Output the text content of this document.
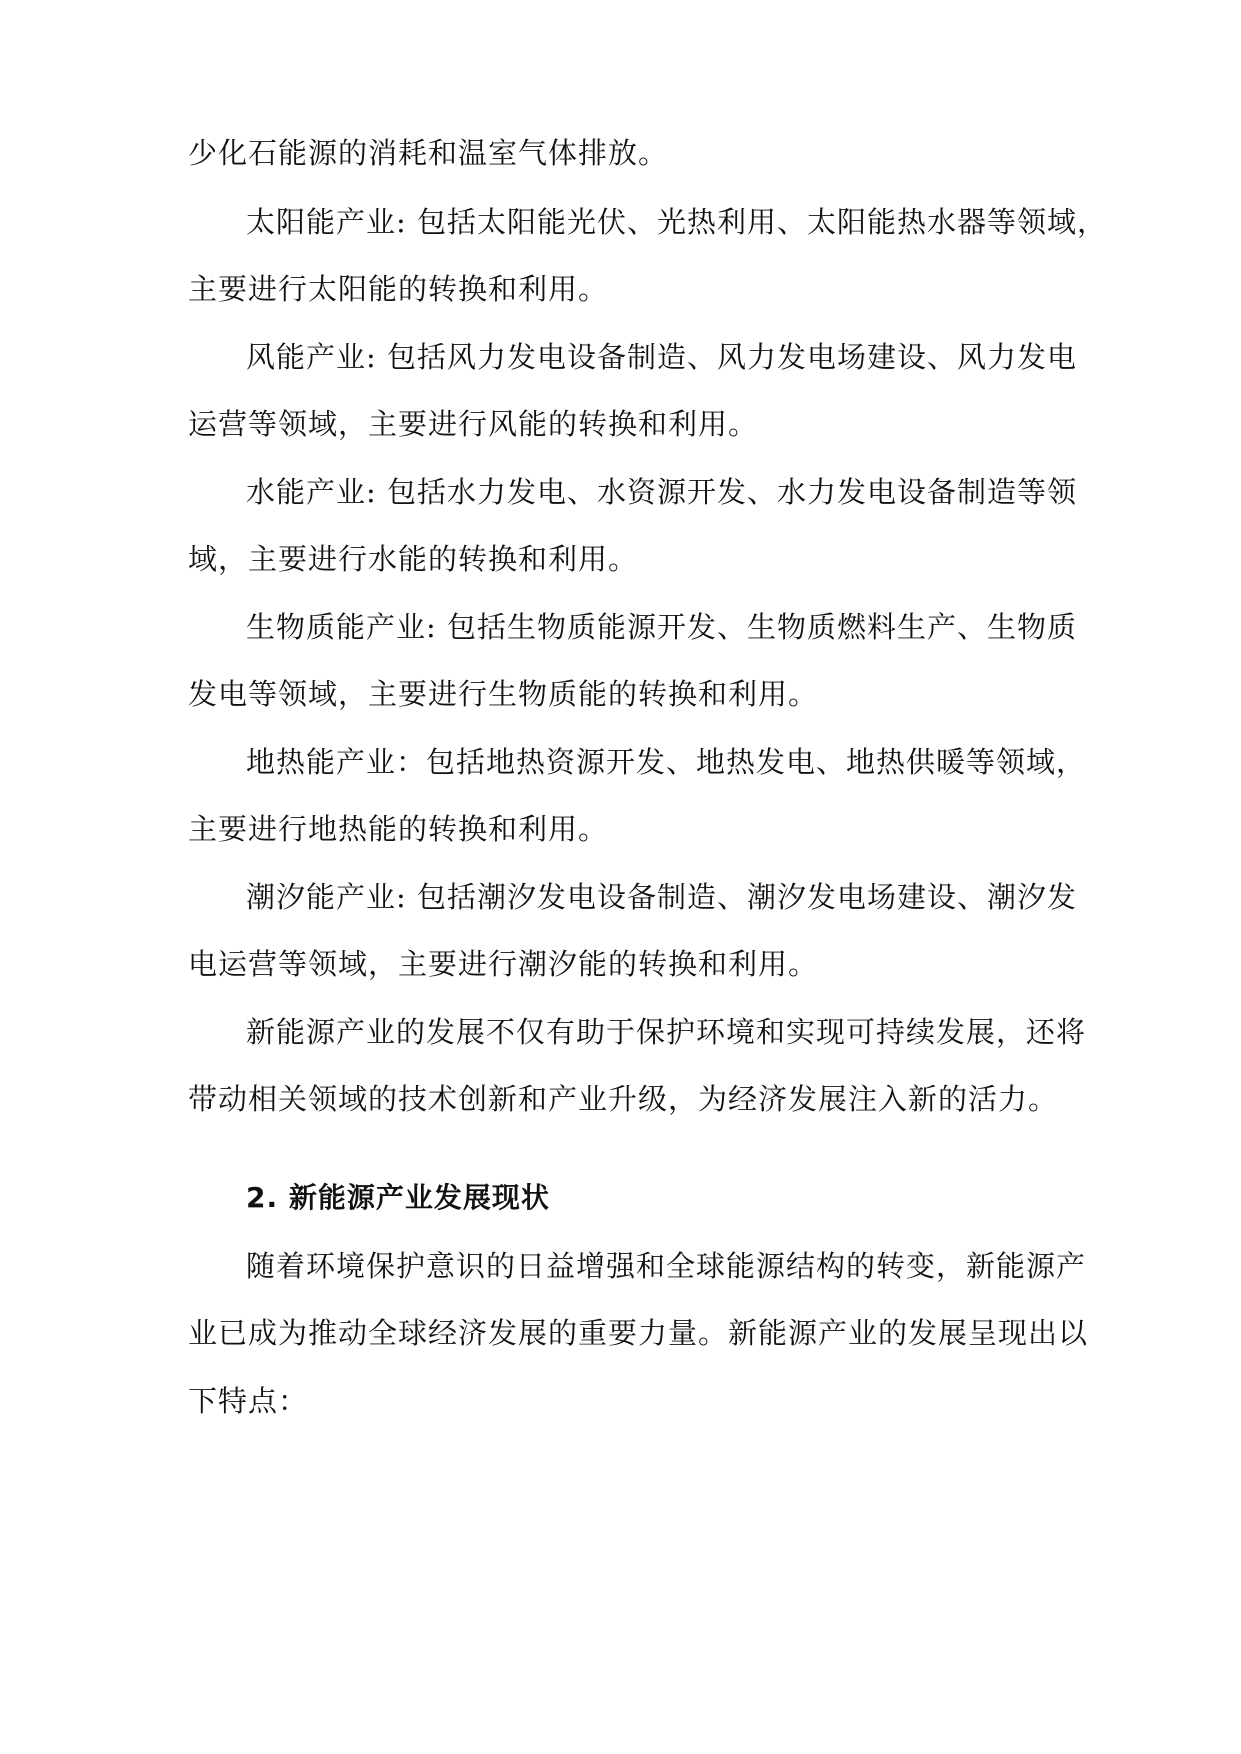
少化石能源的消耗和温室气体排放。
太阳能产业: 包括太阳能光伏、光热利用、太阳能热水器等领域，
主要进行太阳能的转换和利用。
风能产业: 包括风力发电设备制造、风力发电场建设、风力发电
运营等领域，主要进行风能的转换和利用。
水能产业: 包括水力发电、水资源开发、水力发电设备制造等领
域，主要进行水能的转换和利用。
生物质能产业: 包括生物质能源开发、生物质燃料生产、生物质
发电等领域，主要进行生物质能的转换和利用。
地热能产业：包括地热资源开发、地热发电、地热供暖等领域，
主要进行地热能的转换和利用。
潮汐能产业: 包括潮汐发电设备制造、潮汐发电场建设、潮汐发
电运营等领域，主要进行潮汐能的转换和利用。
新能源产业的发展不仅有助于保护环境和实现可持续发展，还将
带动相关领域的技术创新和产业升级，为经济发展注入新的活力。
2. 新能源产业发展现状
随着环境保护意识的日益增强和全球能源结构的转变，新能源产
业已成为推动全球经济发展的重要力量。新能源产业的发展呈现出以
下特点：
